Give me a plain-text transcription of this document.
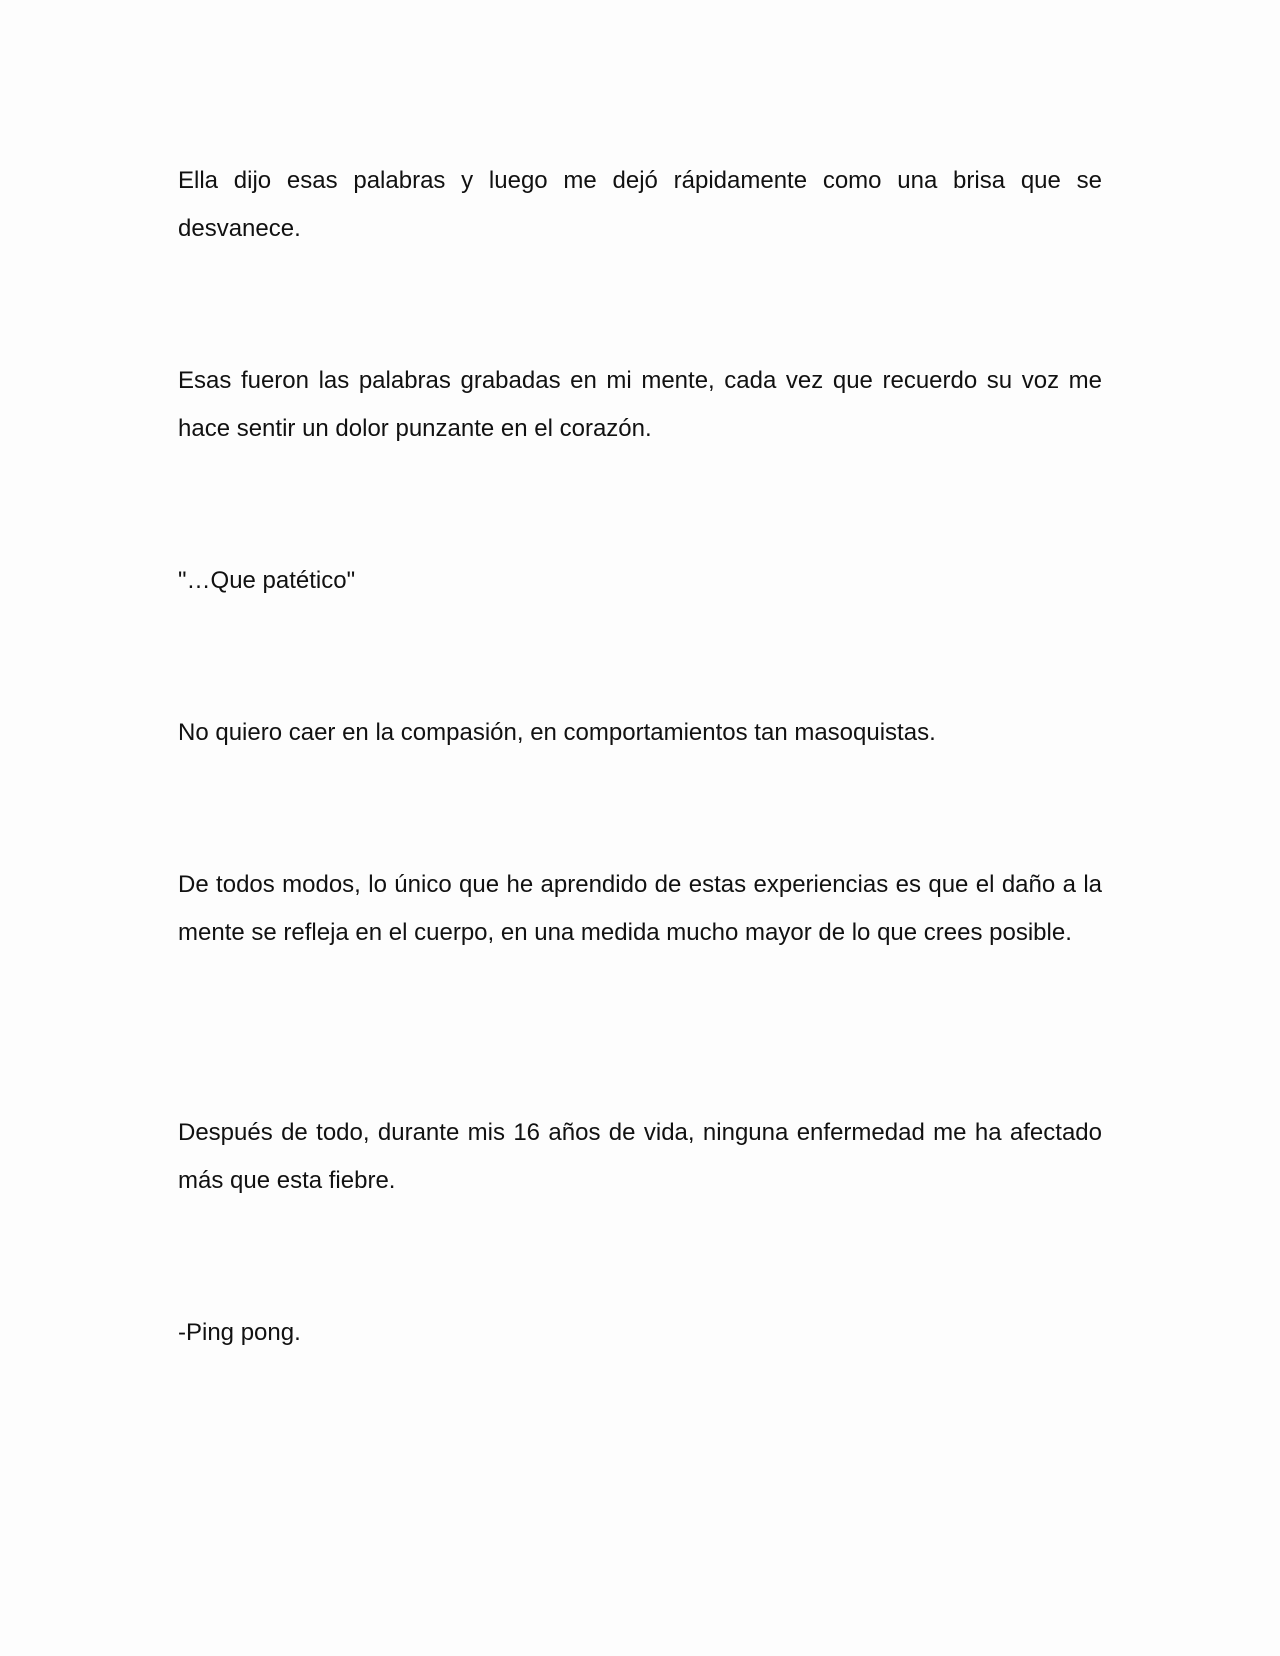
Ella dijo esas palabras y luego me dejó rápidamente como una brisa que se desvanece.

Esas fueron las palabras grabadas en mi mente, cada vez que recuerdo su voz me hace sentir un dolor punzante en el corazón.

"…Que patético"

No quiero caer en la compasión, en comportamientos tan masoquistas.

De todos modos, lo único que he aprendido de estas experiencias es que el daño a la mente se refleja en el cuerpo, en una medida mucho mayor de lo que crees posible.

Después de todo, durante mis 16 años de vida, ninguna enfermedad me ha afectado más que esta fiebre.

-Ping pong.
